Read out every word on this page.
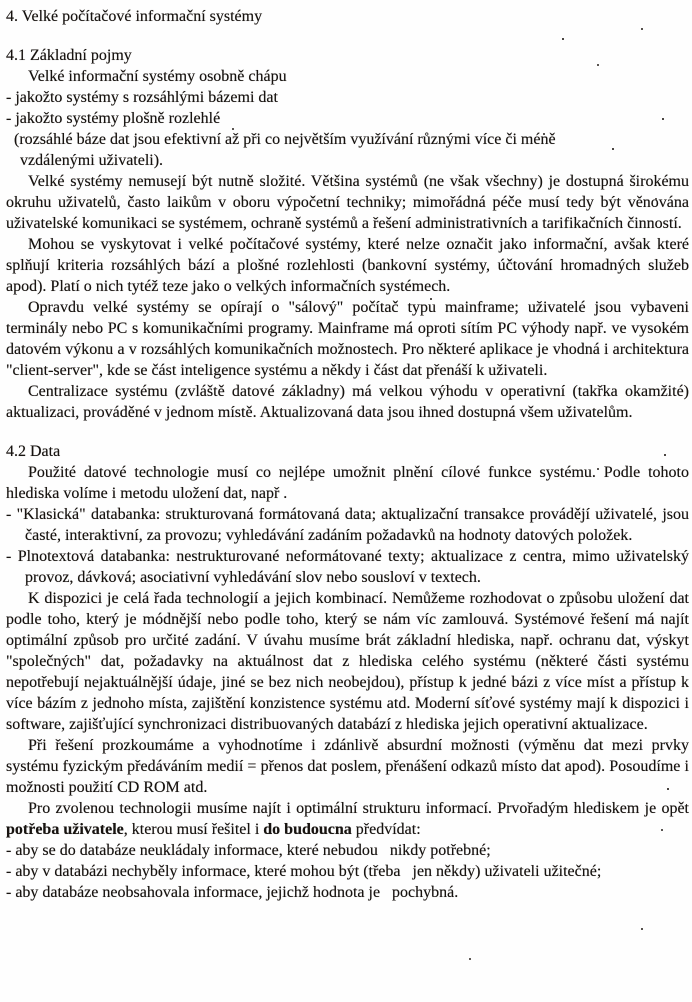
4. Velké počítačové informační systémy
4.1 Základní pojmy
Velké informační systémy osobně chápu
- jakožto systémy s rozsáhlými bázemi dat
- jakožto systémy plošně rozlehlé
(rozsáhlé báze dat jsou efektivní až při co největším využívání různými více či méně
vzdálenými uživateli).
Velké systémy nemusejí být nutně složité. Většina systémů (ne však všechny) je dostupná širokému okruhu uživatelů, často laikům v oboru výpočetní techniky; mimořádná péče musí tedy být věnována uživatelské komunikaci se systémem, ochraně systémů a řešení administrativních a tarifikačních činností.
Mohou se vyskytovat i velké počítačové systémy, které nelze označit jako informační, avšak které splňují kriteria rozsáhlých bází a plošné rozlehlosti (bankovní systémy, účtování hromadných služeb apod). Platí o nich tytéž teze jako o velkých informačních systémech.
Opravdu velké systémy se opírají o "sálový" počítač typu mainframe; uživatelé jsou vybaveni terminály nebo PC s komunikačními programy. Mainframe má oproti sítím PC výhody např. ve vysokém datovém výkonu a v rozsáhlých komunikačních možnostech. Pro některé aplikace je vhodná i architektura "client-server", kde se část inteligence systému a někdy i část dat přenáší k uživateli.
Centralizace systému (zvláště datové základny) má velkou výhodu v operativní (takřka okamžité) aktualizaci, prováděné v jednom místě. Aktualizovaná data jsou ihned dostupná všem uživatelům.
4.2 Data
Použité datové technologie musí co nejlépe umožnit plnění cílové funkce systému. Podle tohoto hlediska volíme i metodu uložení dat, např .
- "Klasická" databanka: strukturovaná formátovaná data; aktualizační transakce provádějí uživatelé, jsou časté, interaktivní, za provozu; vyhledávání zadáním požadavků na hodnoty datových položek.
- Plnotextová databanka: nestrukturované neformátované texty; aktualizace z centra, mimo uživatelský provoz, dávková; asociativní vyhledávání slov nebo sousloví v textech.
K dispozici je celá řada technologií a jejich kombinací. Nemůžeme rozhodovat o způsobu uložení dat podle toho, který je módnější nebo podle toho, který se nám víc zamlouvá. Systémové řešení má najít optimální způsob pro určité zadání. V úvahu musíme brát základní hlediska, např. ochranu dat, výskyt "společných" dat, požadavky na aktuálnost dat z hlediska celého systému (některé části systému nepotřebují nejaktuálnější údaje, jiné se bez nich neobejdou), přístup k jedné bázi z více míst a přístup k více bázím z jednoho místa, zajištění konzistence systému atd. Moderní síťové systémy mají k dispozici i software, zajišťující synchronizaci distribuovaných databází z hlediska jejich operativní aktualizace.
Při řešení prozkoumáme a vyhodnotíme i zdánlivě absurdní možnosti (výměnu dat mezi prvky systému fyzickým předáváním medií = přenos dat poslem, přenášení odkazů místo dat apod). Posoudíme i možnosti použití CD ROM atd.
Pro zvolenou technologii musíme najít i optimální strukturu informací. Prvořadým hlediskem je opět potřeba uživatele, kterou musí řešitel i do budoucna předvídat:
- aby se do databáze neukládaly informace, které nebudou   nikdy potřebné;
- aby v databázi nechyběly informace, které mohou být (třeba   jen někdy) uživateli užitečné;
- aby databáze neobsahovala informace, jejichž hodnota je   pochybná.
